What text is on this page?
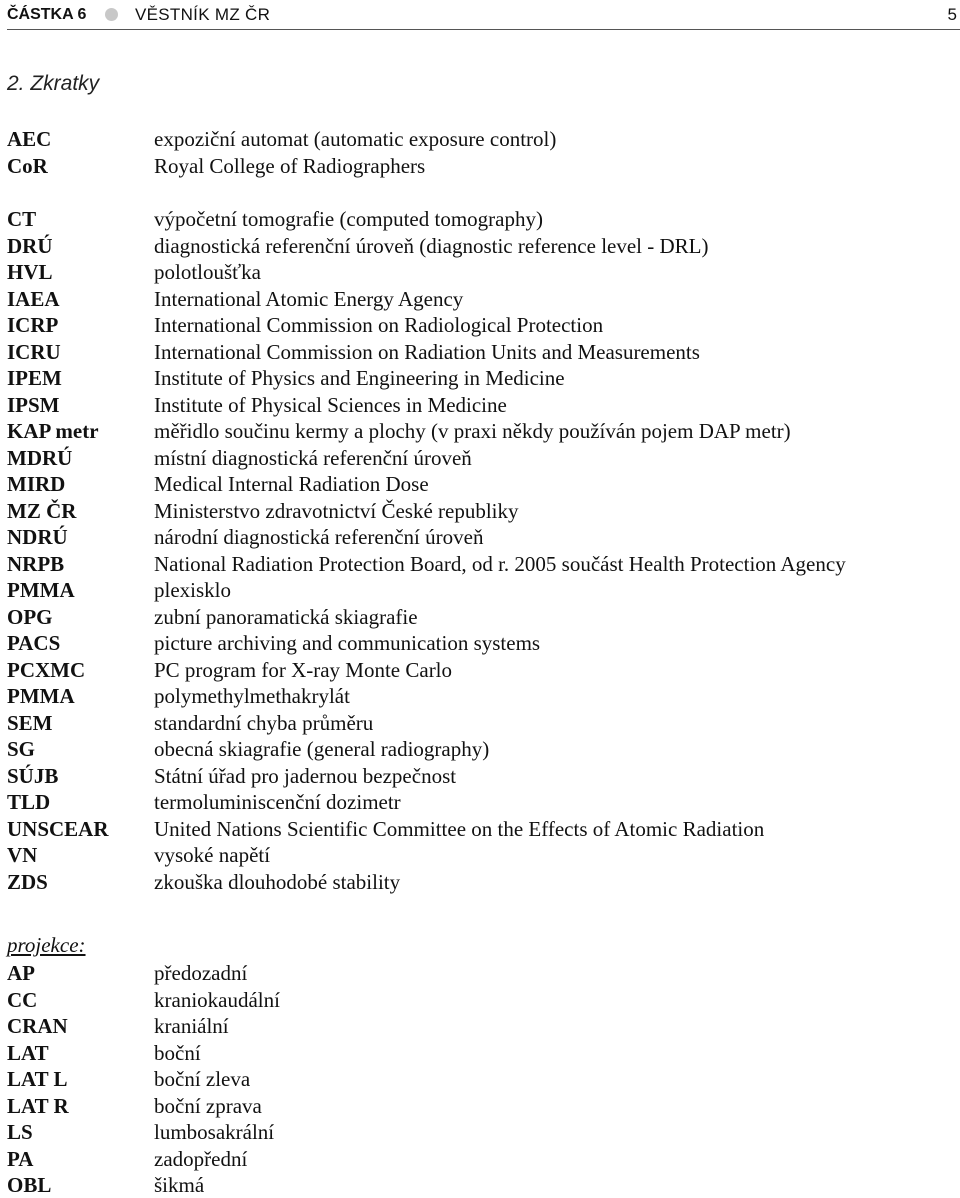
ČÁSTKA 6	VĚSTNÍK MZ ČR	5
2. Zkratky
AEC	expoziční automat (automatic exposure control)
CoR	Royal College of Radiographers
CT	výpočetní tomografie (computed tomography)
DRÚ	diagnostická referenční úroveň (diagnostic reference level - DRL)
HVL	polotloušťka
IAEA	International Atomic Energy Agency
ICRP	International Commission on Radiological Protection
ICRU	International Commission on Radiation Units and Measurements
IPEM	Institute of Physics and Engineering in Medicine
IPSM	Institute of Physical Sciences in Medicine
KAP metr	měřidlo součinu kermy a plochy (v praxi někdy používán pojem DAP metr)
MDRÚ	místní diagnostická referenční úroveň
MIRD	Medical Internal Radiation Dose
MZ ČR	Ministerstvo zdravotnictví České republiky
NDRÚ	národní diagnostická referenční úroveň
NRPB	National Radiation Protection Board, od r. 2005 součást Health Protection Agency
PMMA	plexisklo
OPG	zubní panoramatická skiagrafie
PACS	picture archiving and communication systems
PCXMC	PC program for X-ray Monte Carlo
PMMA	polymethylmethakrylát
SEM	standardní chyba průměru
SG	obecná skiagrafie (general radiography)
SÚJB	Státní úřad pro jadernou bezpečnost
TLD	termoluminiscenční dozimetr
UNSCEAR United Nations Scientific Committee on the Effects of Atomic Radiation
VN	vysoké napětí
ZDS	zkouška dlouhodobé stability
projekce:
AP	předozadní
CC	kraniokaudální
CRAN	kraniální
LAT	boční
LAT L	boční zleva
LAT R	boční zprava
LS	lumbosakrální
PA	zadopřední
OBL	šikmá
